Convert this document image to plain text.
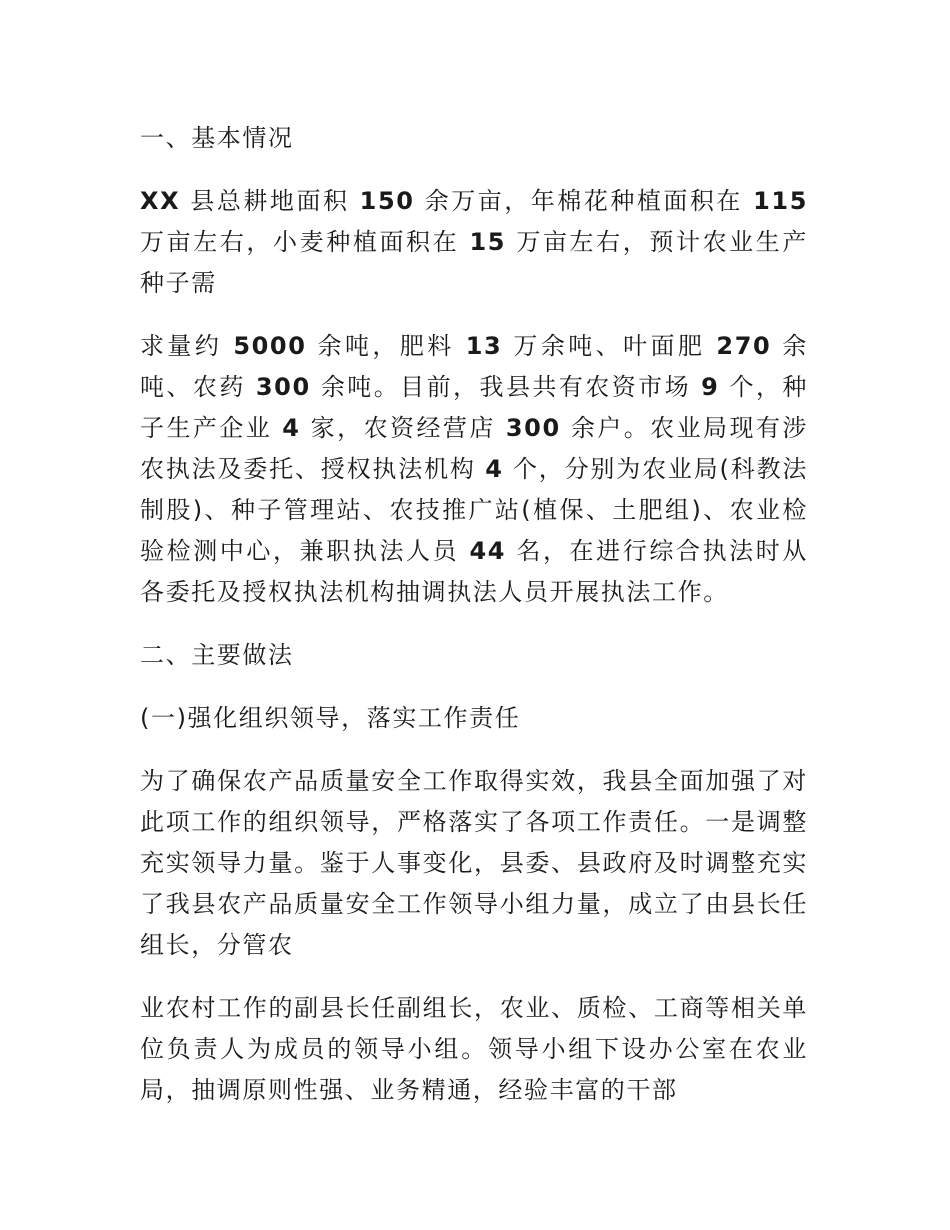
一、基本情况

XX 县总耕地面积 150 余万亩，年棉花种植面积在 115 万亩左右，小麦种植面积在 15 万亩左右，预计农业生产种子需

求量约 5000 余吨，肥料 13 万余吨、叶面肥 270 余吨、农药 300 余吨。目前，我县共有农资市场 9 个，种子生产企业 4 家，农资经营店 300 余户。农业局现有涉农执法及委托、授权执法机构 4 个，分别为农业局(科教法制股)、种子管理站、农技推广站(植保、土肥组)、农业检验检测中心，兼职执法人员 44 名，在进行综合执法时从各委托及授权执法机构抽调执法人员开展执法工作。

二、主要做法

(一)强化组织领导，落实工作责任

为了确保农产品质量安全工作取得实效，我县全面加强了对此项工作的组织领导，严格落实了各项工作责任。一是调整充实领导力量。鉴于人事变化，县委、县政府及时调整充实了我县农产品质量安全工作领导小组力量，成立了由县长任组长，分管农

业农村工作的副县长任副组长，农业、质检、工商等相关单位负责人为成员的领导小组。领导小组下设办公室在农业局，抽调原则性强、业务精通，经验丰富的干部
